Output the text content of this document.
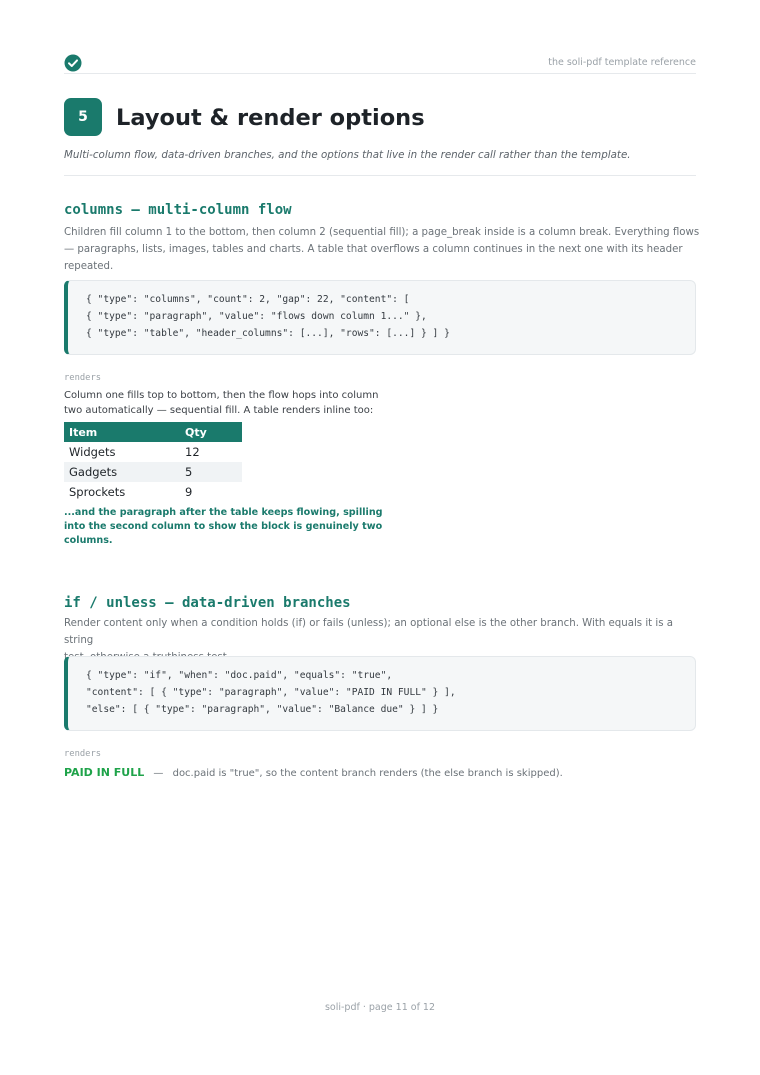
the soli-pdf template reference
5	Layout & render options
Multi-column flow, data-driven branches, and the options that live in the render call rather than the template.
columns — multi-column flow
Children fill column 1 to the bottom, then column 2 (sequential fill); a page_break inside is a column break. Everything flows
— paragraphs, lists, images, tables and charts. A table that overflows a column continues in the next one with its header
repeated.
{ "type": "columns", "count": 2, "gap": 22, "content": [
{ "type": "paragraph", "value": "flows down column 1..." },
{ "type": "table", "header_columns": [...], "rows": [...] } ] }
renders
Column one fills top to bottom, then the flow hops into column
two automatically — sequential fill. A table renders inline too:
Item	Qty
Widgets	12
Gadgets	5
Sprockets	9
...and the paragraph after the table keeps flowing, spilling
into the second column to show the block is genuinely two
columns.
if / unless — data-driven branches
Render content only when a condition holds (if) or fails (unless); an optional else is the other branch. With equals it is a string
{ "type": "if", "when": "doc.paid", "equals": "true",
"content": [ { "type": "paragraph", "value": "PAID IN FULL" } ],
"else": [ { "type": "paragraph", "value": "Balance due" } ] }
renders
PAID IN FULL — doc.paid is "true", so the content branch renders (the else branch is skipped).
soli-pdf · page 11 of 12
